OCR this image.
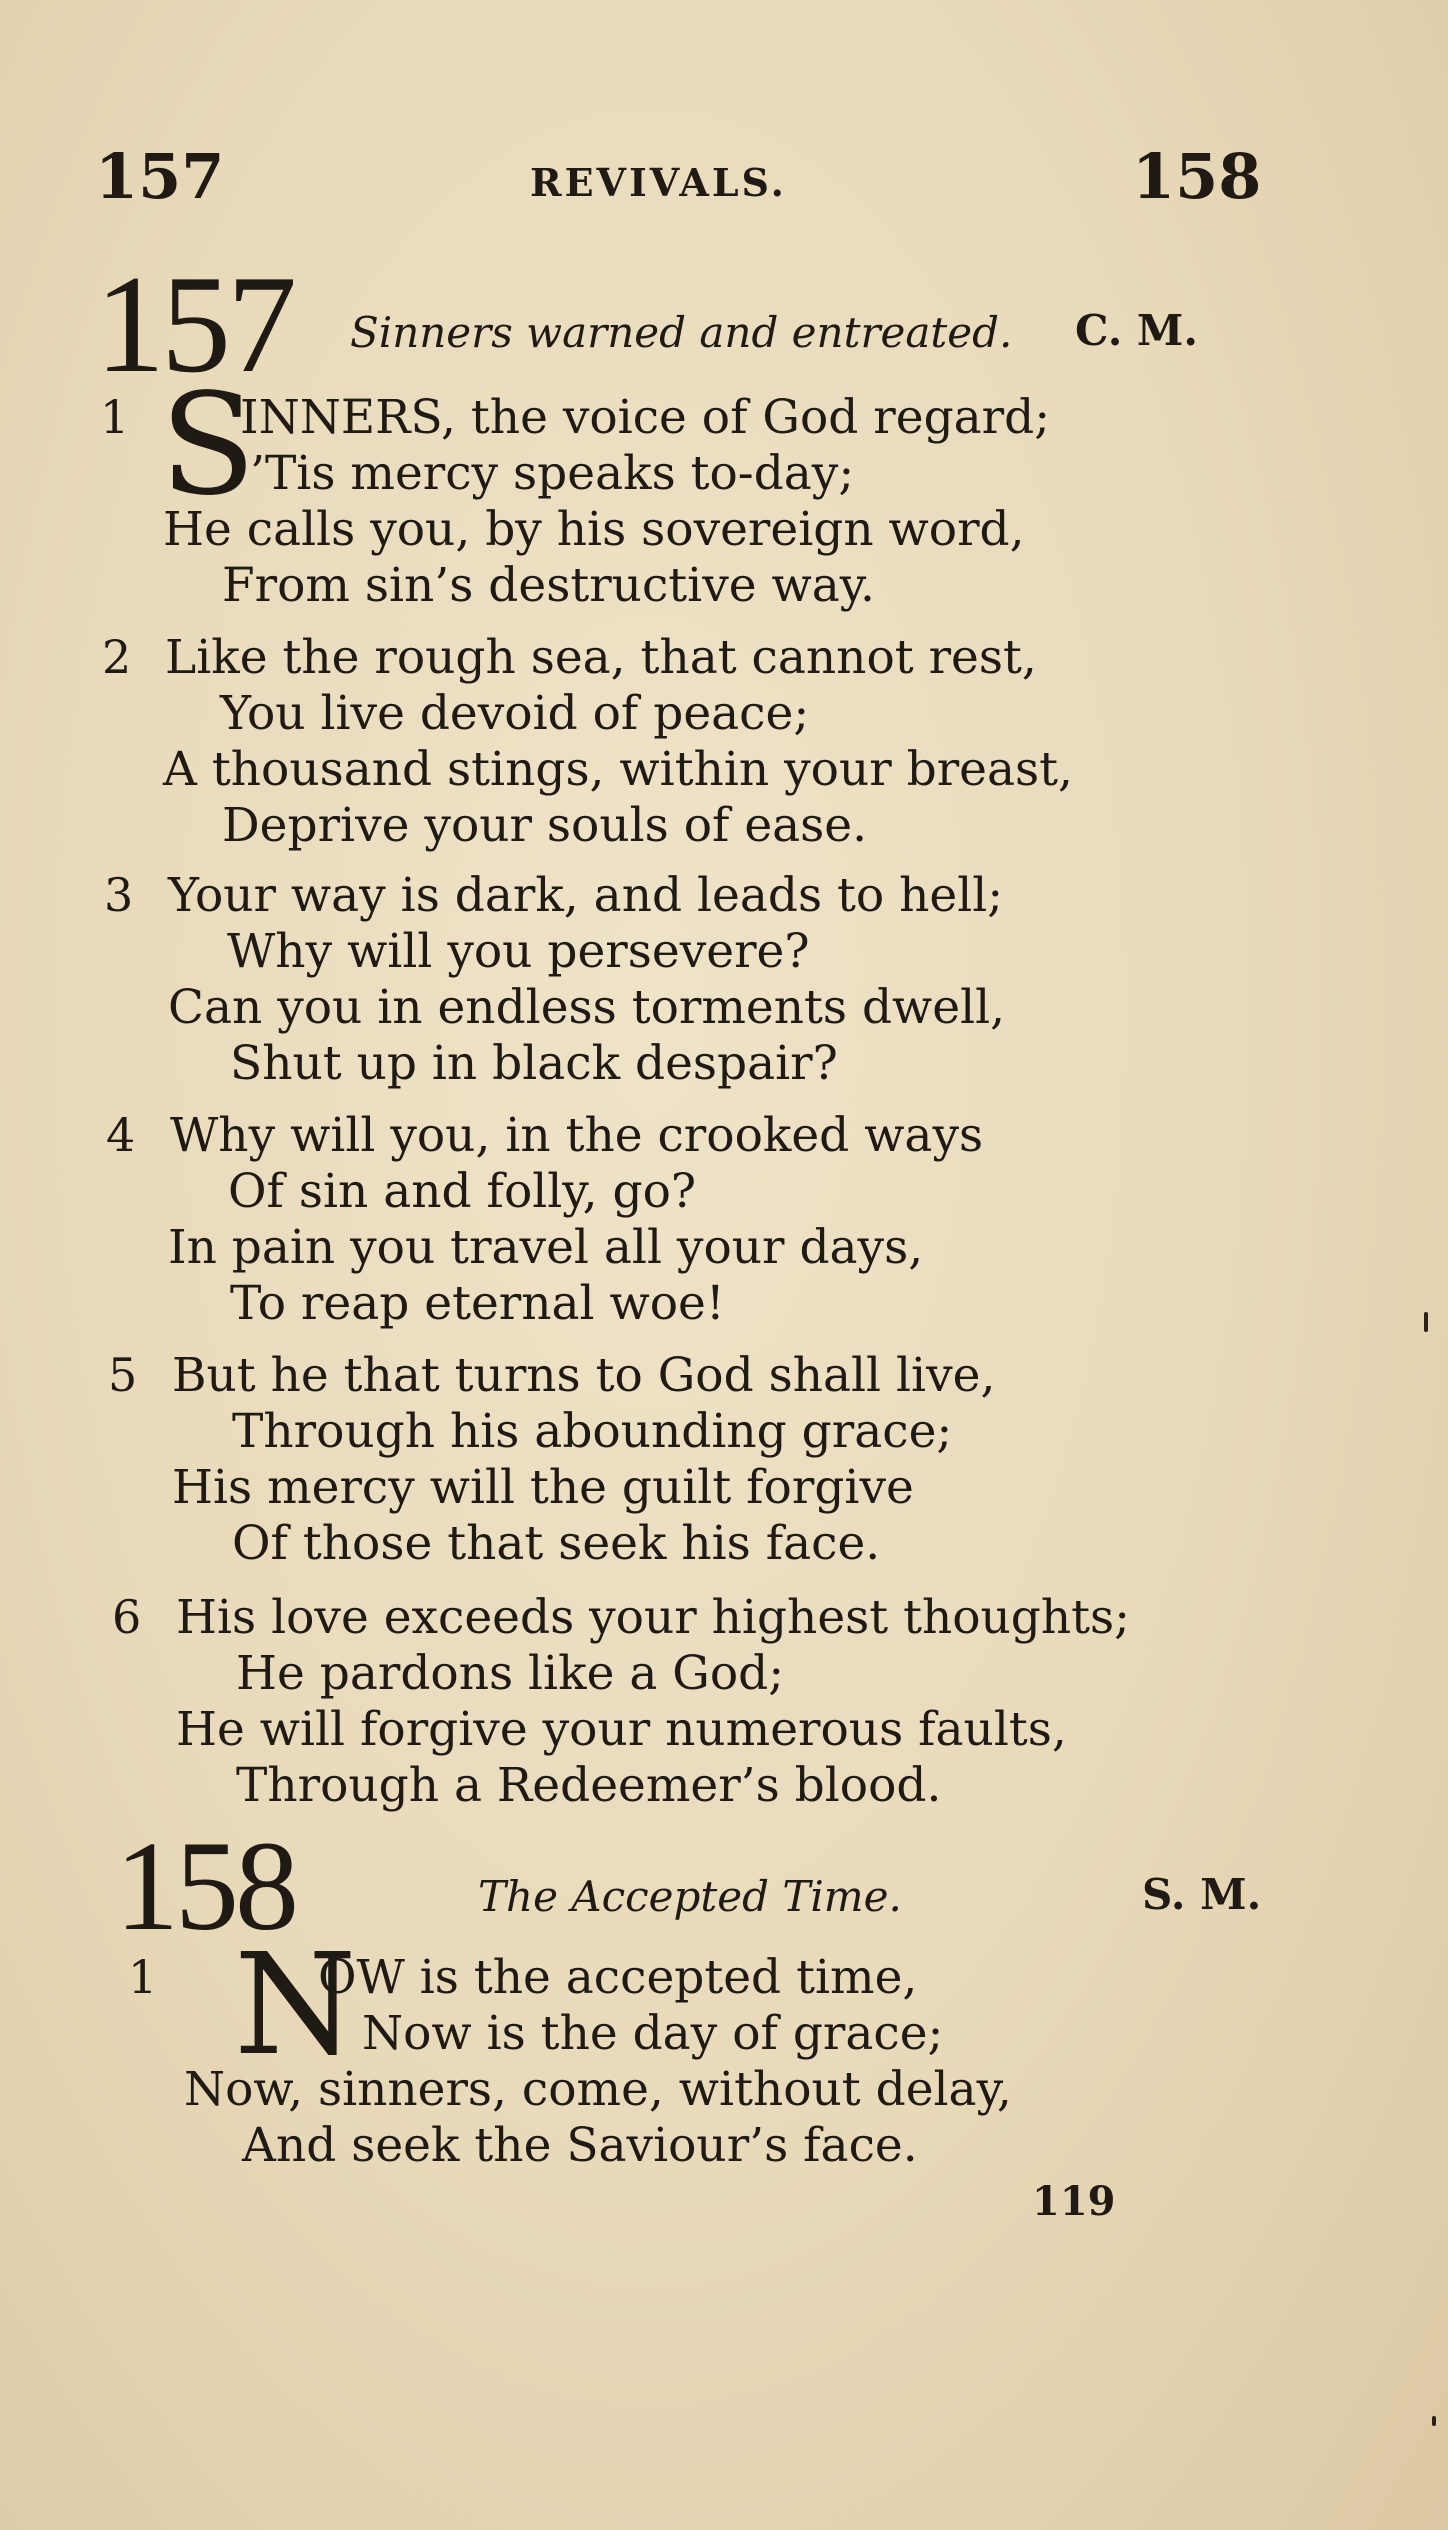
157	REVIVALS.	158
157 Sinners warned and entreated. C. M.
1 S
INNERS, the voice of God regard;
’Tis mercy speaks to-day;
He calls you, by his sovereign word,
From sin’s destructive way.
2 Like the rough sea, that cannot rest,
You live devoid of peace;
A thousand stings, within your breast,
Deprive your souls of ease.
3 Your way is dark, and leads to hell;
Why will you persevere?
Can you in endless torments dwell,
Shut up in black despair?
4 Why will you, in the crooked ways
Of sin and folly, go?
In pain you travel all your days,
To reap eternal woe!
5 But he that turns to God shall live,
Through his abounding grace;
His mercy will the guilt forgive
Of those that seek his face.
6 His love exceeds your highest thoughts;
He pardons like a God;
He will forgive your numerous faults,
Through a Redeemer’s blood.
158	The Accepted Time.	S. M.
1 N
OW is the accepted time,
Now is the day of grace;
Now, sinners, come, without delay,
And seek the Saviour’s face.
119
